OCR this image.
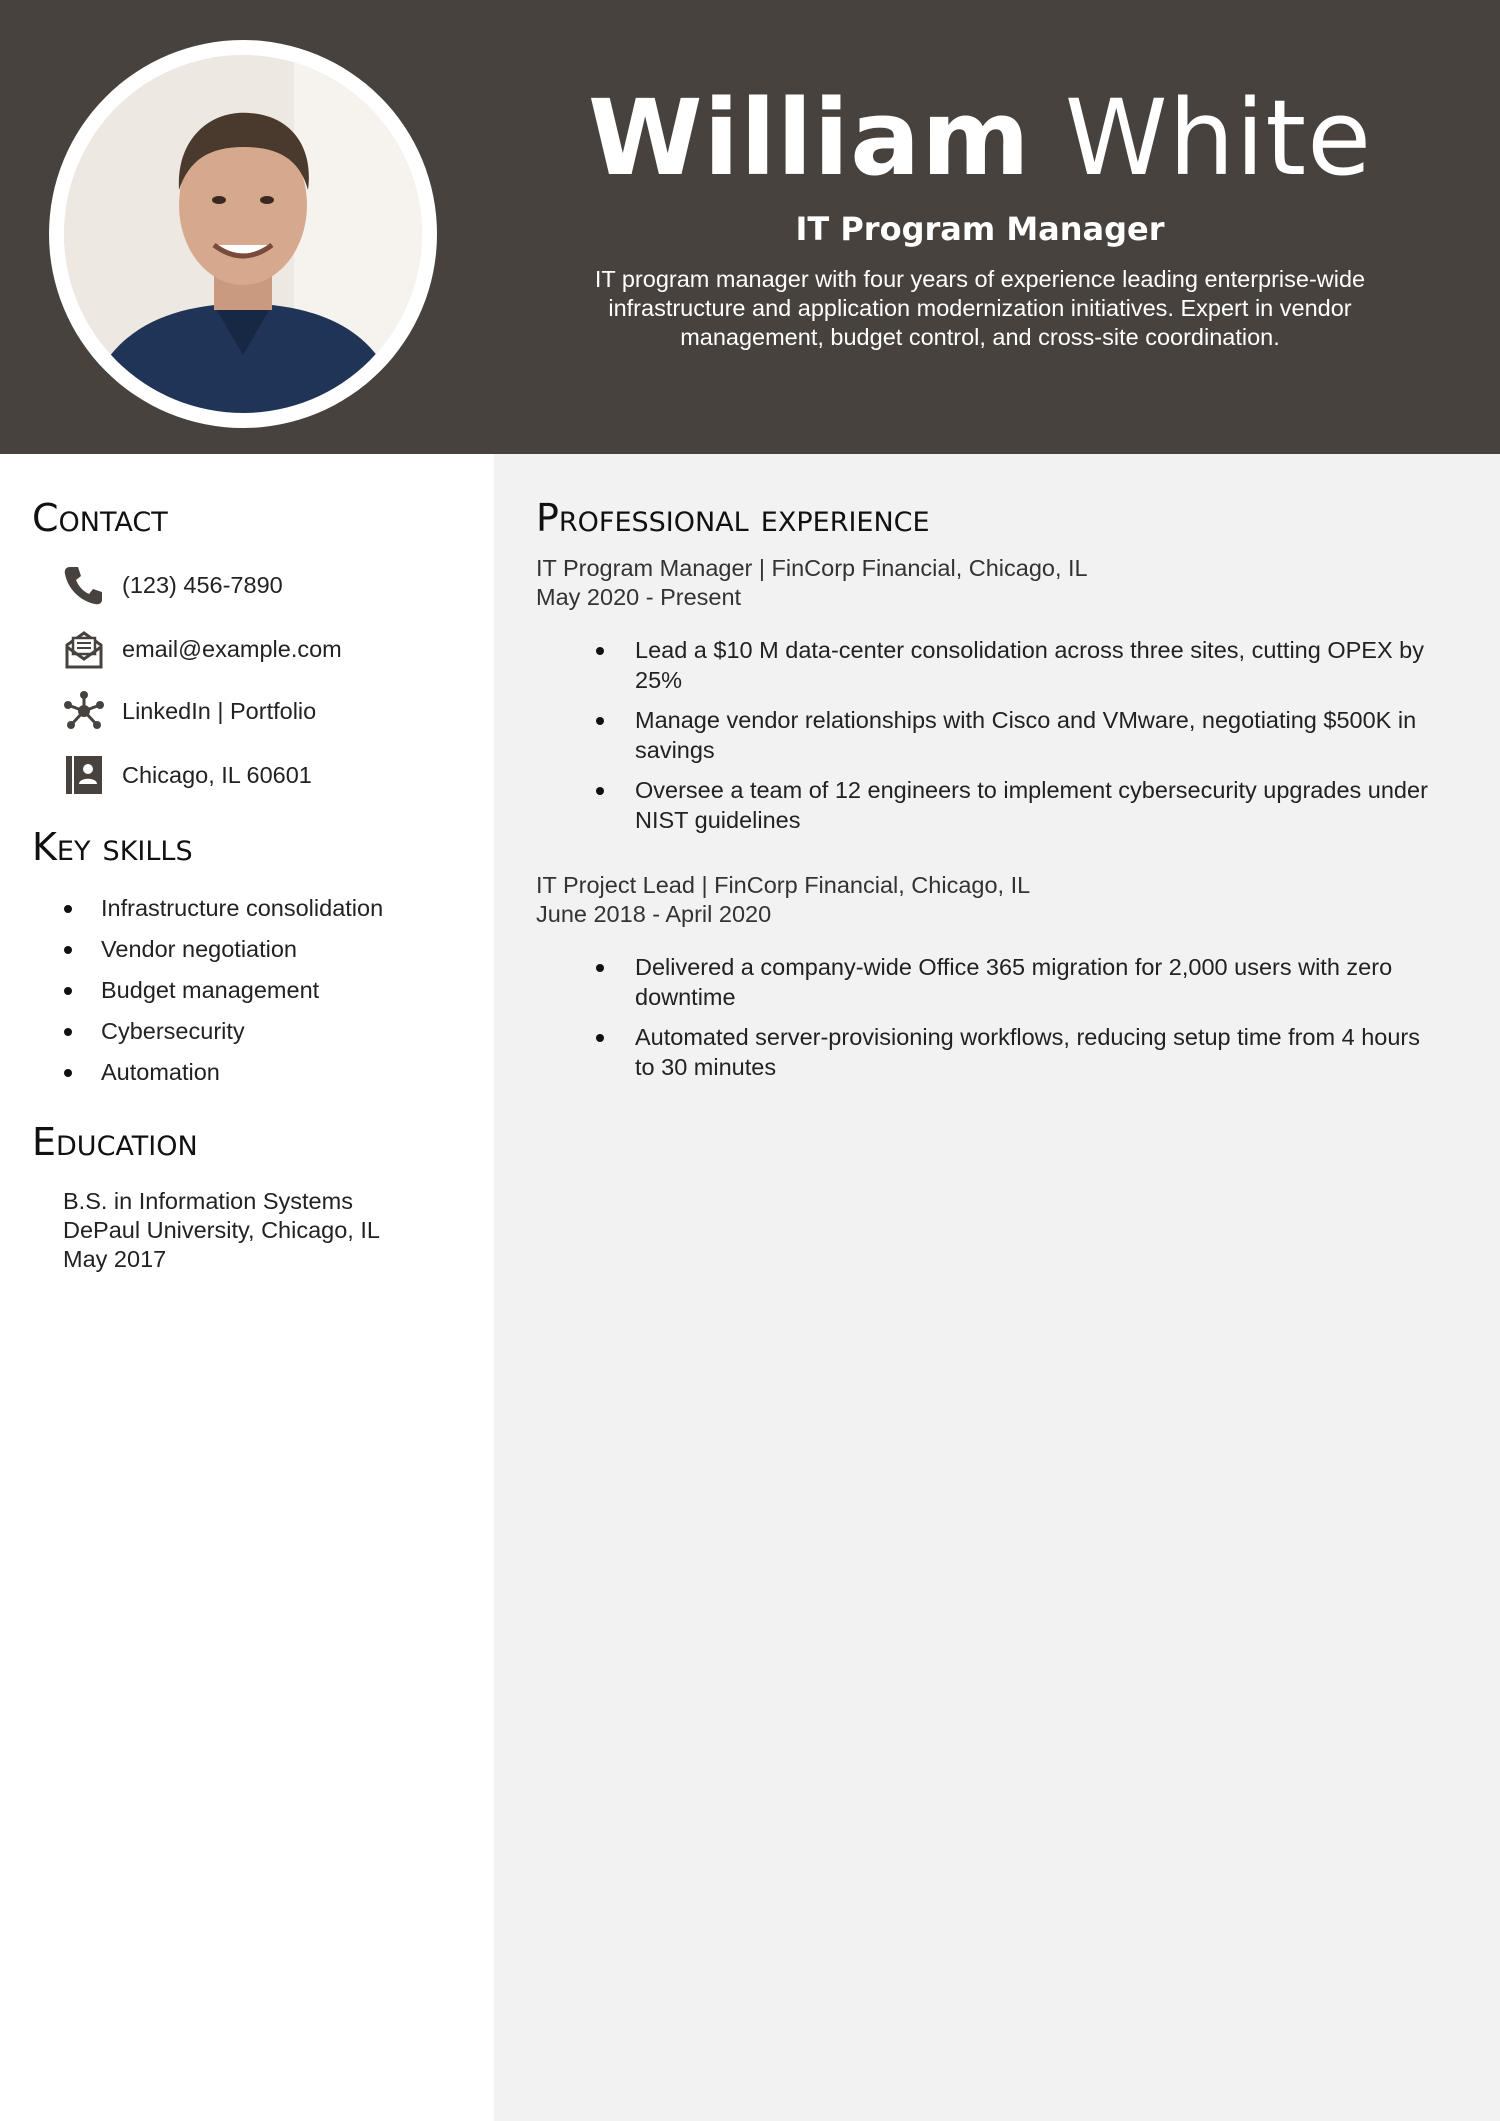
William White
IT Program Manager
IT program manager with four years of experience leading enterprise-wide infrastructure and application modernization initiatives. Expert in vendor management, budget control, and cross-site coordination.
Contact
(123) 456-7890
email@example.com
LinkedIn | Portfolio
Chicago, IL 60601
Key skills
Infrastructure consolidation
Vendor negotiation
Budget management
Cybersecurity
Automation
Education
B.S. in Information Systems
DePaul University, Chicago, IL
May 2017
Professional experience
IT Program Manager | FinCorp Financial, Chicago, IL
May 2020 - Present
Lead a $10 M data-center consolidation across three sites, cutting OPEX by 25%
Manage vendor relationships with Cisco and VMware, negotiating $500K in savings
Oversee a team of 12 engineers to implement cybersecurity upgrades under NIST guidelines
IT Project Lead | FinCorp Financial, Chicago, IL
June 2018 - April 2020
Delivered a company-wide Office 365 migration for 2,000 users with zero downtime
Automated server-provisioning workflows, reducing setup time from 4 hours to 30 minutes
